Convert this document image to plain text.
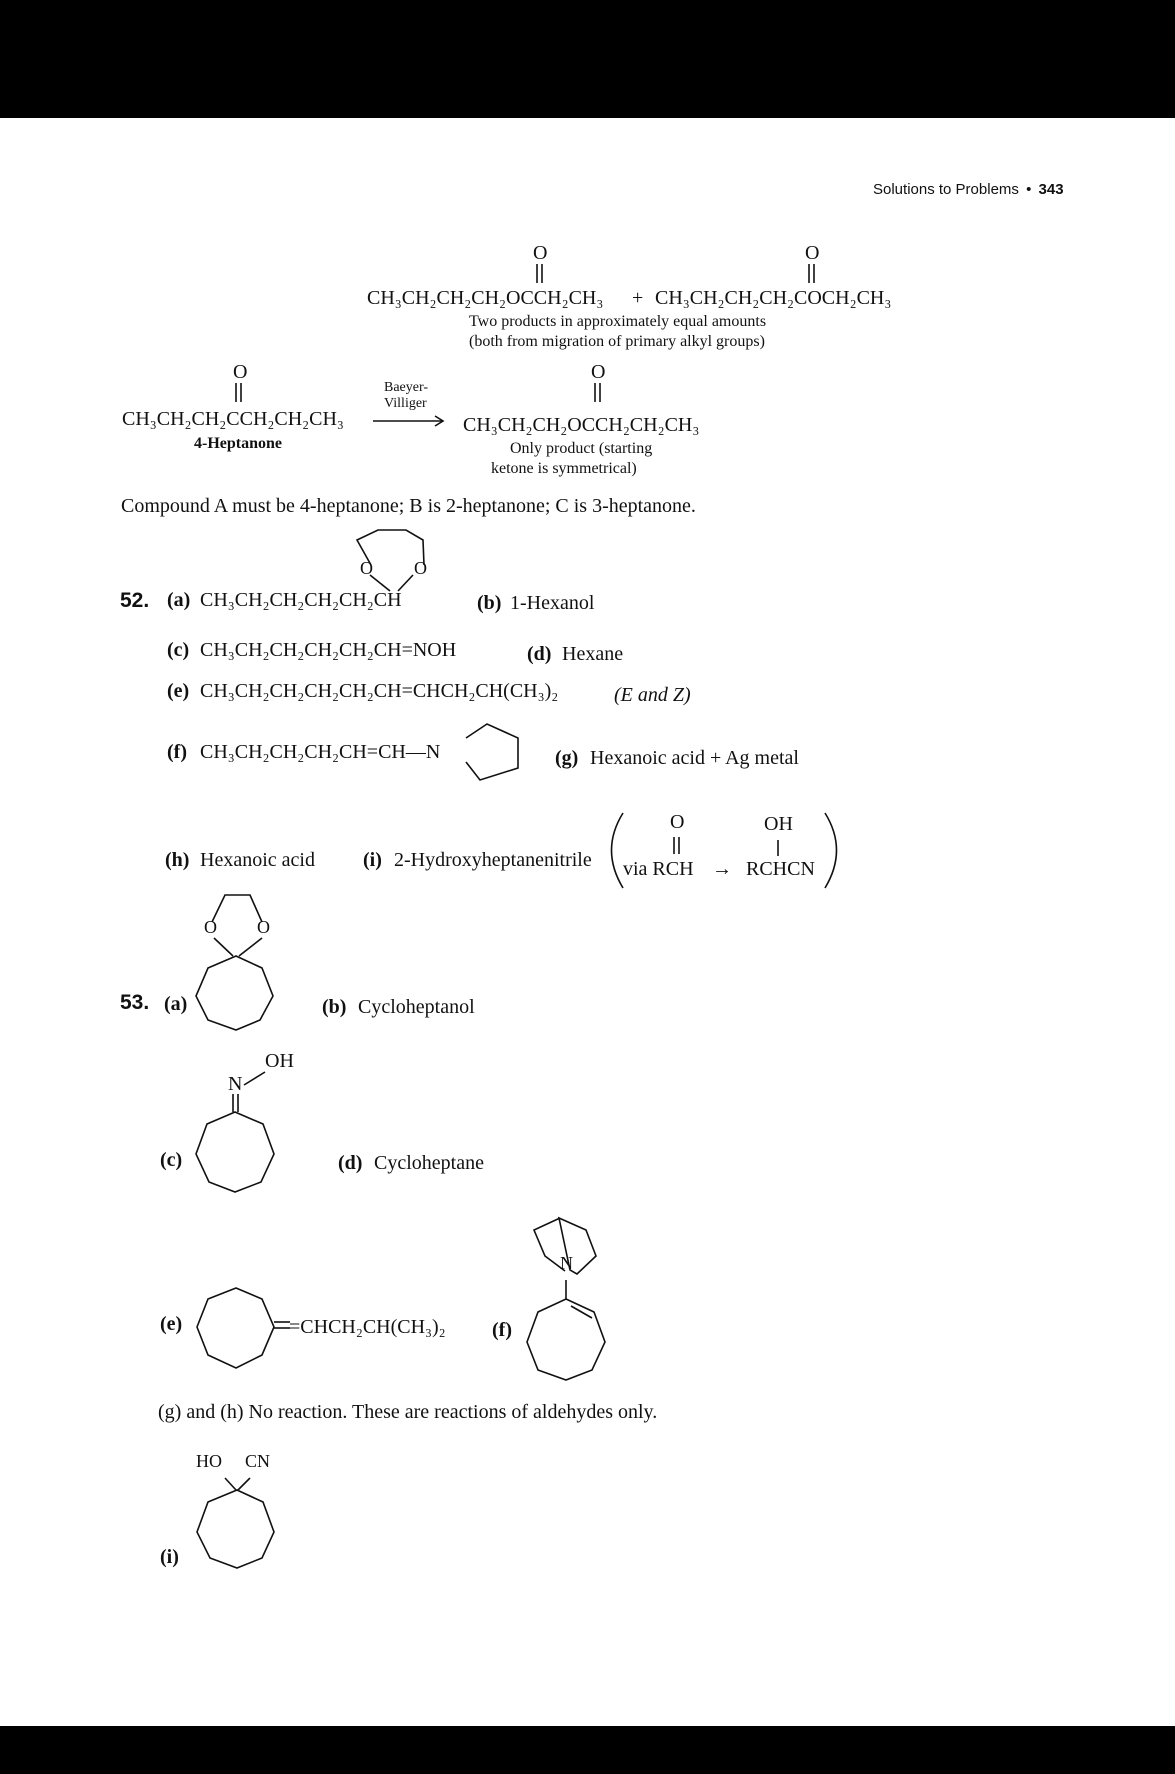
Solutions to Problems • 343
O	O
CH₃CH₂CH₂CH₂OCCH₂CH₃ + CH₃CH₂CH₂CH₂COCH₂CH₃
Two products in approximately equal amounts
(both from migration of primary alkyl groups)
O
CH₃CH₂CH₂CCH₂CH₂CH₃
4-Heptanone
Baeyer-
Villiger
O
CH₃CH₂CH₂OCCH₂CH₂CH₃
Only product (starting
ketone is symmetrical)
Compound A must be 4-heptanone; B is 2-heptanone; C is 3-heptanone.
O O
52. (a) CH₃CH₂CH₂CH₂CH₂CH	(b) 1-Hexanol
(c) CH₃CH₂CH₂CH₂CH₂CH=NOH	(d) Hexane
(e) CH₃CH₂CH₂CH₂CH₂CH=CHCH₂CH(CH₃)₂	(E and Z)
(f) CH₃CH₂CH₂CH₂CH=CH—N	(g) Hexanoic acid + Ag metal
(h) Hexanoic acid (i) 2-Hydroxyheptanenitrile
O	OH
via RCH → RCHCN
O O
53. (a)	(b) Cycloheptanol
OH
N
(c)	(d) Cycloheptane
N
(e)	=CHCH₂CH(CH₃)₂ (f)
(g) and (h) No reaction. These are reactions of aldehydes only.
HO CN
(i)
